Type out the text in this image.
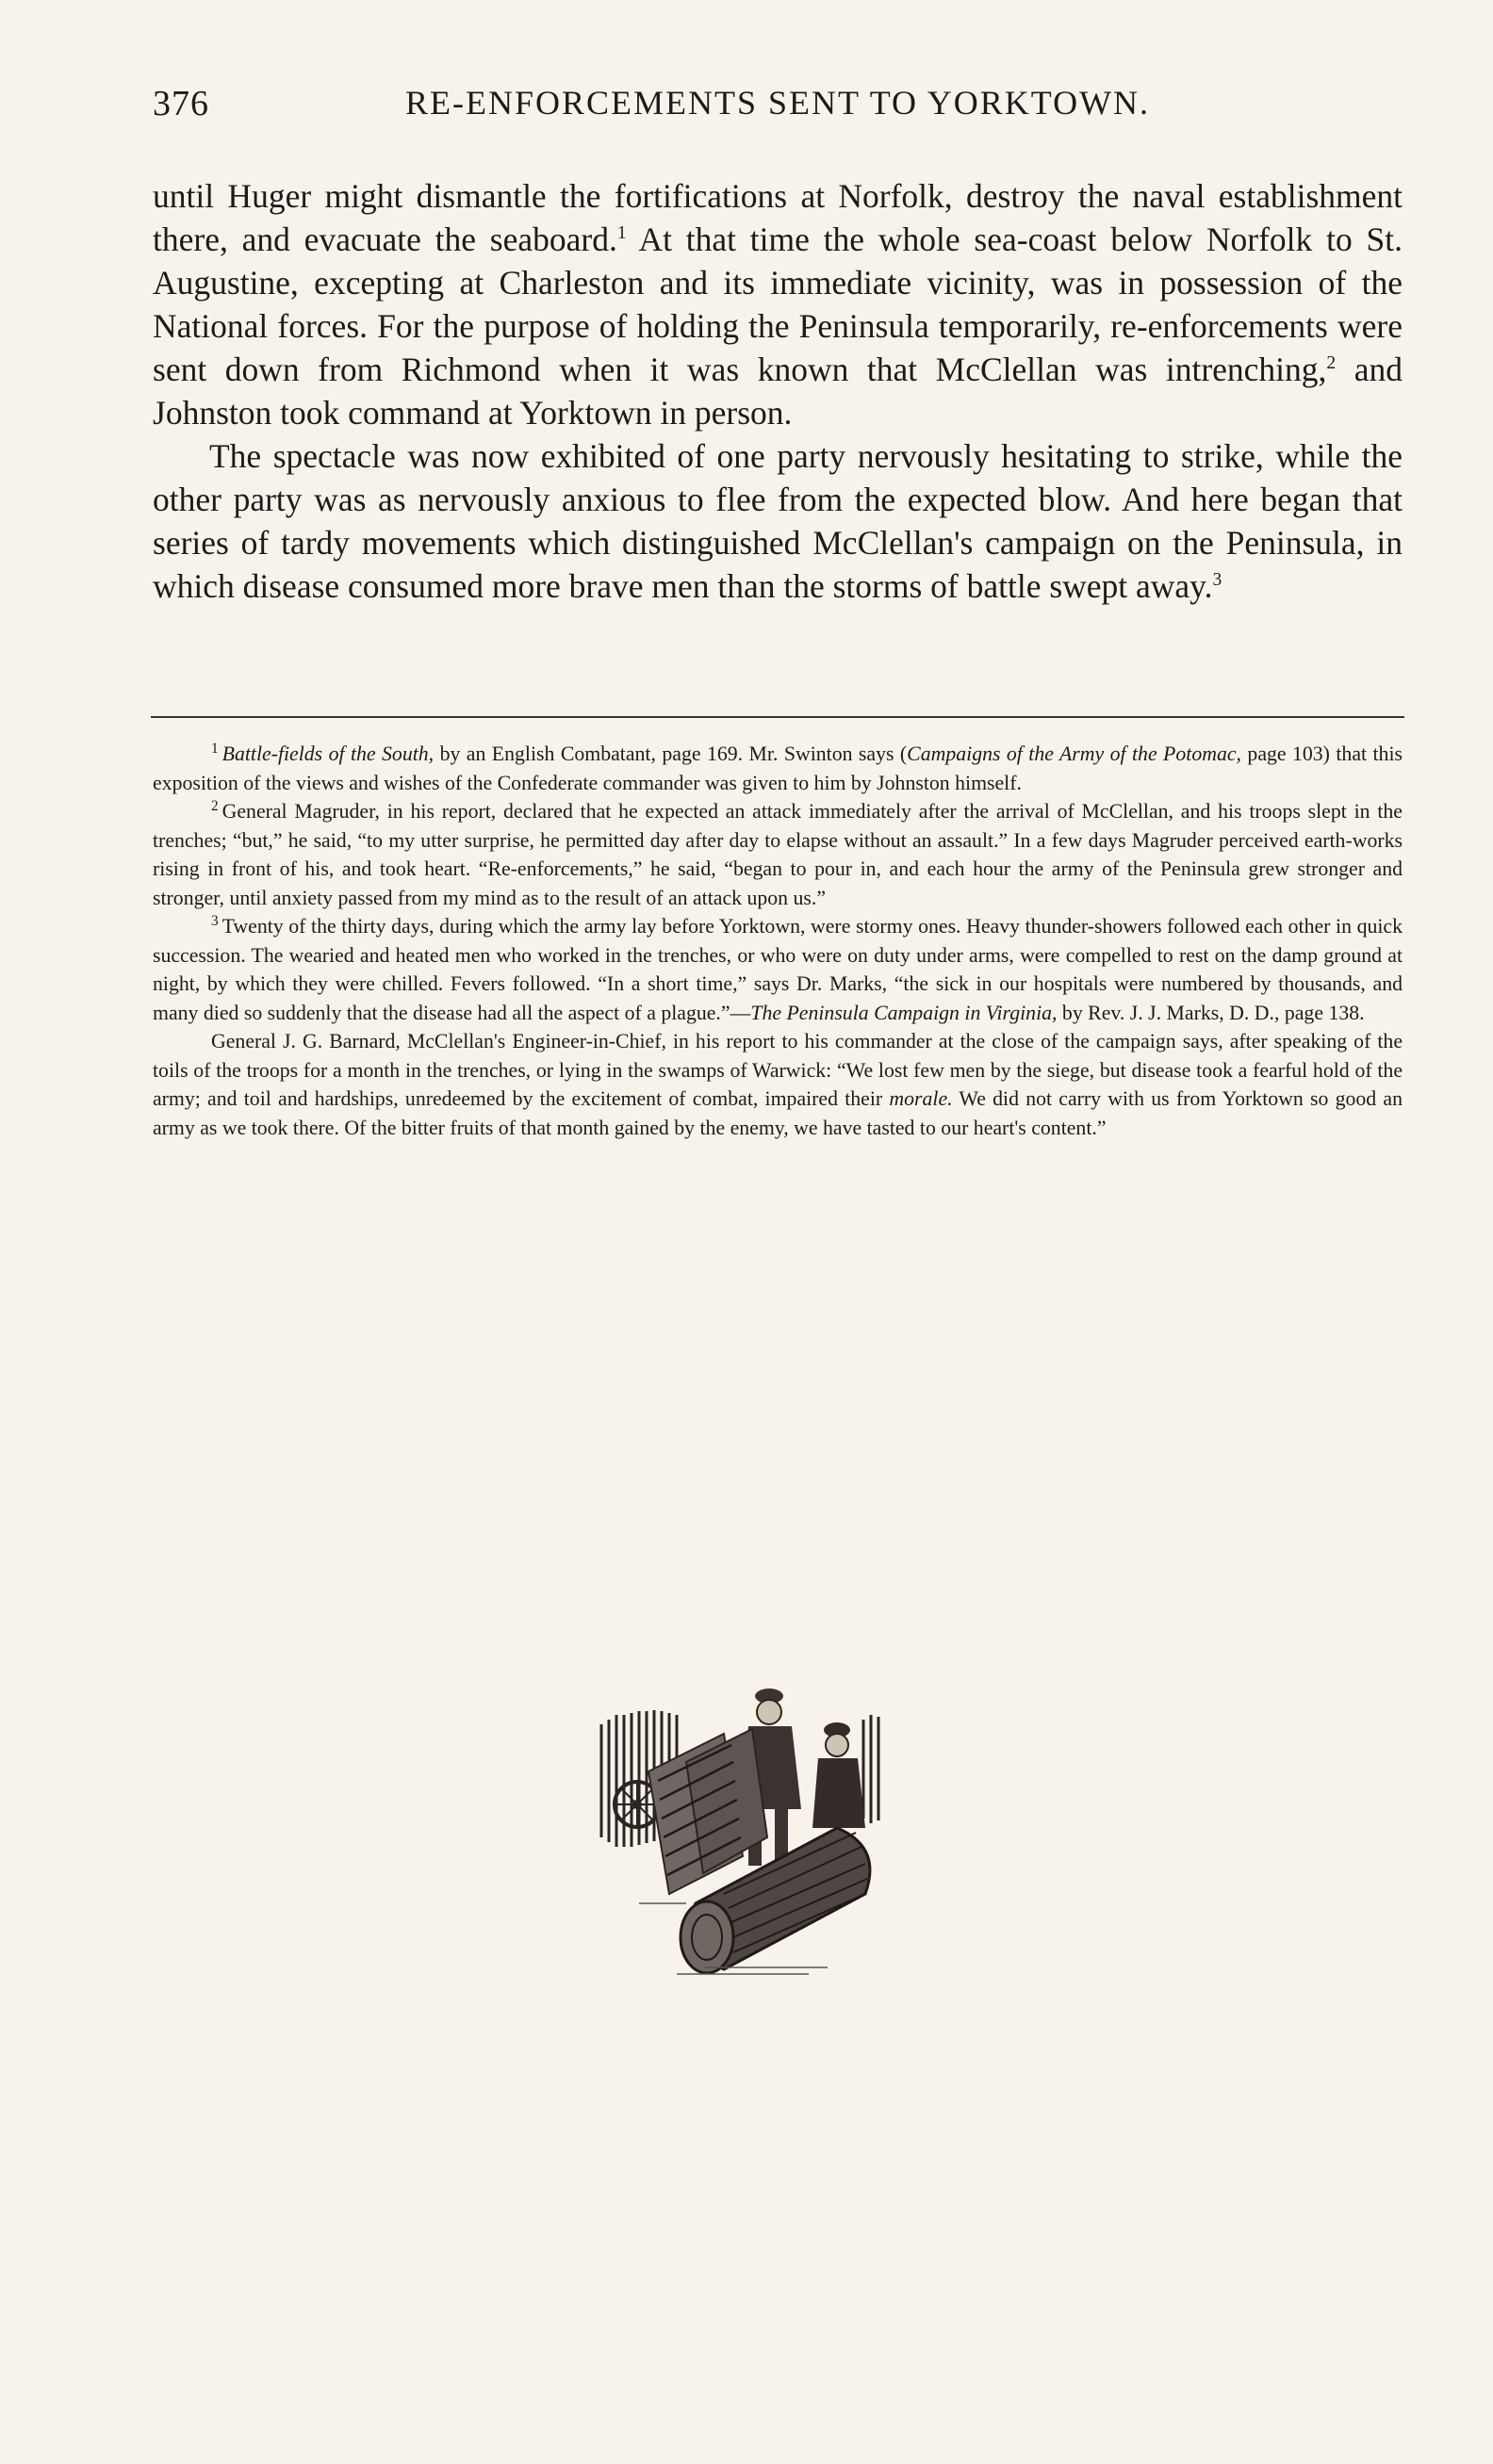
376	RE-ENFORCEMENTS SENT TO YORKTOWN.

until Huger might dismantle the fortifications at Norfolk, destroy the naval establishment there, and evacuate the seaboard.$^1$ At that time the whole sea-coast below Norfolk to St. Augustine, excepting at Charleston and its immediate vicinity, was in possession of the National forces. For the purpose of holding the Peninsula temporarily, re-enforcements were sent down from Richmond when it was known that McClellan was intrenching,$^2$ and Johnston took command at Yorktown in person.

The spectacle was now exhibited of one party nervously hesitating to strike, while the other party was as nervously anxious to flee from the expected blow. And here began that series of tardy movements which distinguished McClellan's campaign on the Peninsula, in which disease consumed more brave men than the storms of battle swept away.$^3$

$^1$ Battle-fields of the South, by an English Combatant, page 169. Mr. Swinton says (Campaigns of the Army of the Potomac, page 103) that this exposition of the views and wishes of the Confederate commander was given to him by Johnston himself.

$^2$ General Magruder, in his report, declared that he expected an attack immediately after the arrival of McClellan, and his troops slept in the trenches; “but,” he said, “to my utter surprise, he permitted day after day to elapse without an assault.” In a few days Magruder perceived earth-works rising in front of his, and took heart. “Re-enforcements,” he said, “began to pour in, and each hour the army of the Peninsula grew stronger and stronger, until anxiety passed from my mind as to the result of an attack upon us.”

$^3$ Twenty of the thirty days, during which the army lay before Yorktown, were stormy ones. Heavy thunder-showers followed each other in quick succession. The wearied and heated men who worked in the trenches, or who were on duty under arms, were compelled to rest on the damp ground at night, by which they were chilled. Fevers followed. “In a short time,” says Dr. Marks, “the sick in our hospitals were numbered by thousands, and many died so suddenly that the disease had all the aspect of a plague.”—The Peninsula Campaign in Virginia, by Rev. J. J. Marks, D. D., page 138.

General J. G. Barnard, McClellan's Engineer-in-Chief, in his report to his commander at the close of the campaign says, after speaking of the toils of the troops for a month in the trenches, or lying in the swamps of Warwick: “We lost few men by the siege, but disease took a fearful hold of the army; and toil and hardships, unredeemed by the excitement of combat, impaired their morale. We did not carry with us from Yorktown so good an army as we took there. Of the bitter fruits of that month gained by the enemy, we have tasted to our heart's content.”
